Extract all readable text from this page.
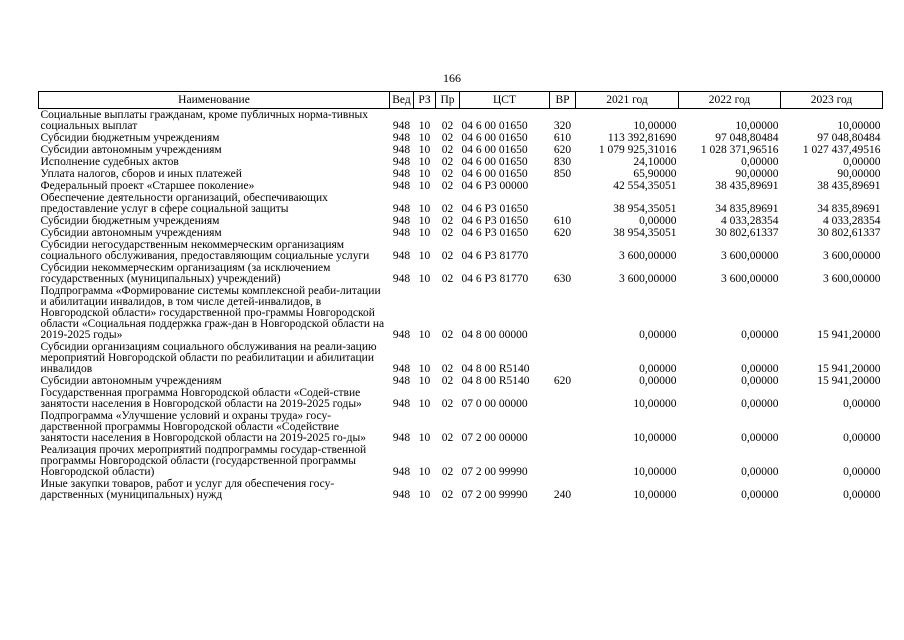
166
Наименование	Вед	РЗ	Пр	ЦСТ	ВР	2021 год	2022 год	2023 год
Социальные выплаты гражданам, кроме публичных норма-тивных социальных выплат	948	10	02	04 6 00 01650	320	10,00000	10,00000	10,00000
Субсидии бюджетным учреждениям	948	10	02	04 6 00 01650	610	113 392,81690	97 048,80484	97 048,80484
Субсидии автономным учреждениям	948	10	02	04 6 00 01650	620	1 079 925,31016	1 028 371,96516	1 027 437,49516
Исполнение судебных актов	948	10	02	04 6 00 01650	830	24,10000	0,00000	0,00000
Уплата налогов, сборов и иных платежей	948	10	02	04 6 00 01650	850	65,90000	90,00000	90,00000
Федеральный проект «Старшее поколение»	948	10	02	04 6 P3 00000		42 554,35051	38 435,89691	38 435,89691
Обеспечение деятельности организаций, обеспечивающих предоставление услуг в сфере социальной защиты	948	10	02	04 6 P3 01650		38 954,35051	34 835,89691	34 835,89691
Субсидии бюджетным учреждениям	948	10	02	04 6 P3 01650	610	0,00000	4 033,28354	4 033,28354
Субсидии автономным учреждениям	948	10	02	04 6 P3 01650	620	38 954,35051	30 802,61337	30 802,61337
Субсидии негосударственным некоммерческим организациям социального обслуживания, предоставляющим социальные услуги	948	10	02	04 6 P3 81770		3 600,00000	3 600,00000	3 600,00000
Субсидии некоммерческим организациям (за исключением государственных (муниципальных) учреждений)	948	10	02	04 6 P3 81770	630	3 600,00000	3 600,00000	3 600,00000
Подпрограмма «Формирование системы комплексной реаби-литации и абилитации инвалидов, в том числе детей-инвалидов, в Новгородской области» государственной про-граммы Новгородской области «Социальная поддержка граж-дан в Новгородской области на 2019-2025 годы»	948	10	02	04 8 00 00000		0,00000	0,00000	15 941,20000
Субсидии организациям социального обслуживания на реали-зацию мероприятий Новгородской области по реабилитации и абилитации инвалидов	948	10	02	04 8 00 R5140		0,00000	0,00000	15 941,20000
Субсидии автономным учреждениям	948	10	02	04 8 00 R5140	620	0,00000	0,00000	15 941,20000
Государственная программа Новгородской области «Содей-ствие занятости населения в Новгородской области на 2019-2025 годы»	948	10	02	07 0 00 00000		10,00000	0,00000	0,00000
Подпрограмма «Улучшение условий и охраны труда» госу-дарственной программы Новгородской области «Содействие занятости населения в Новгородской области на 2019-2025 го-ды»	948	10	02	07 2 00 00000		10,00000	0,00000	0,00000
Реализация прочих мероприятий подпрограммы государ-ственной программы Новгородской области (государственной программы Новгородской области)	948	10	02	07 2 00 99990		10,00000	0,00000	0,00000
Иные закупки товаров, работ и услуг для обеспечения госу-дарственных (муниципальных) нужд	948	10	02	07 2 00 99990	240	10,00000	0,00000	0,00000
